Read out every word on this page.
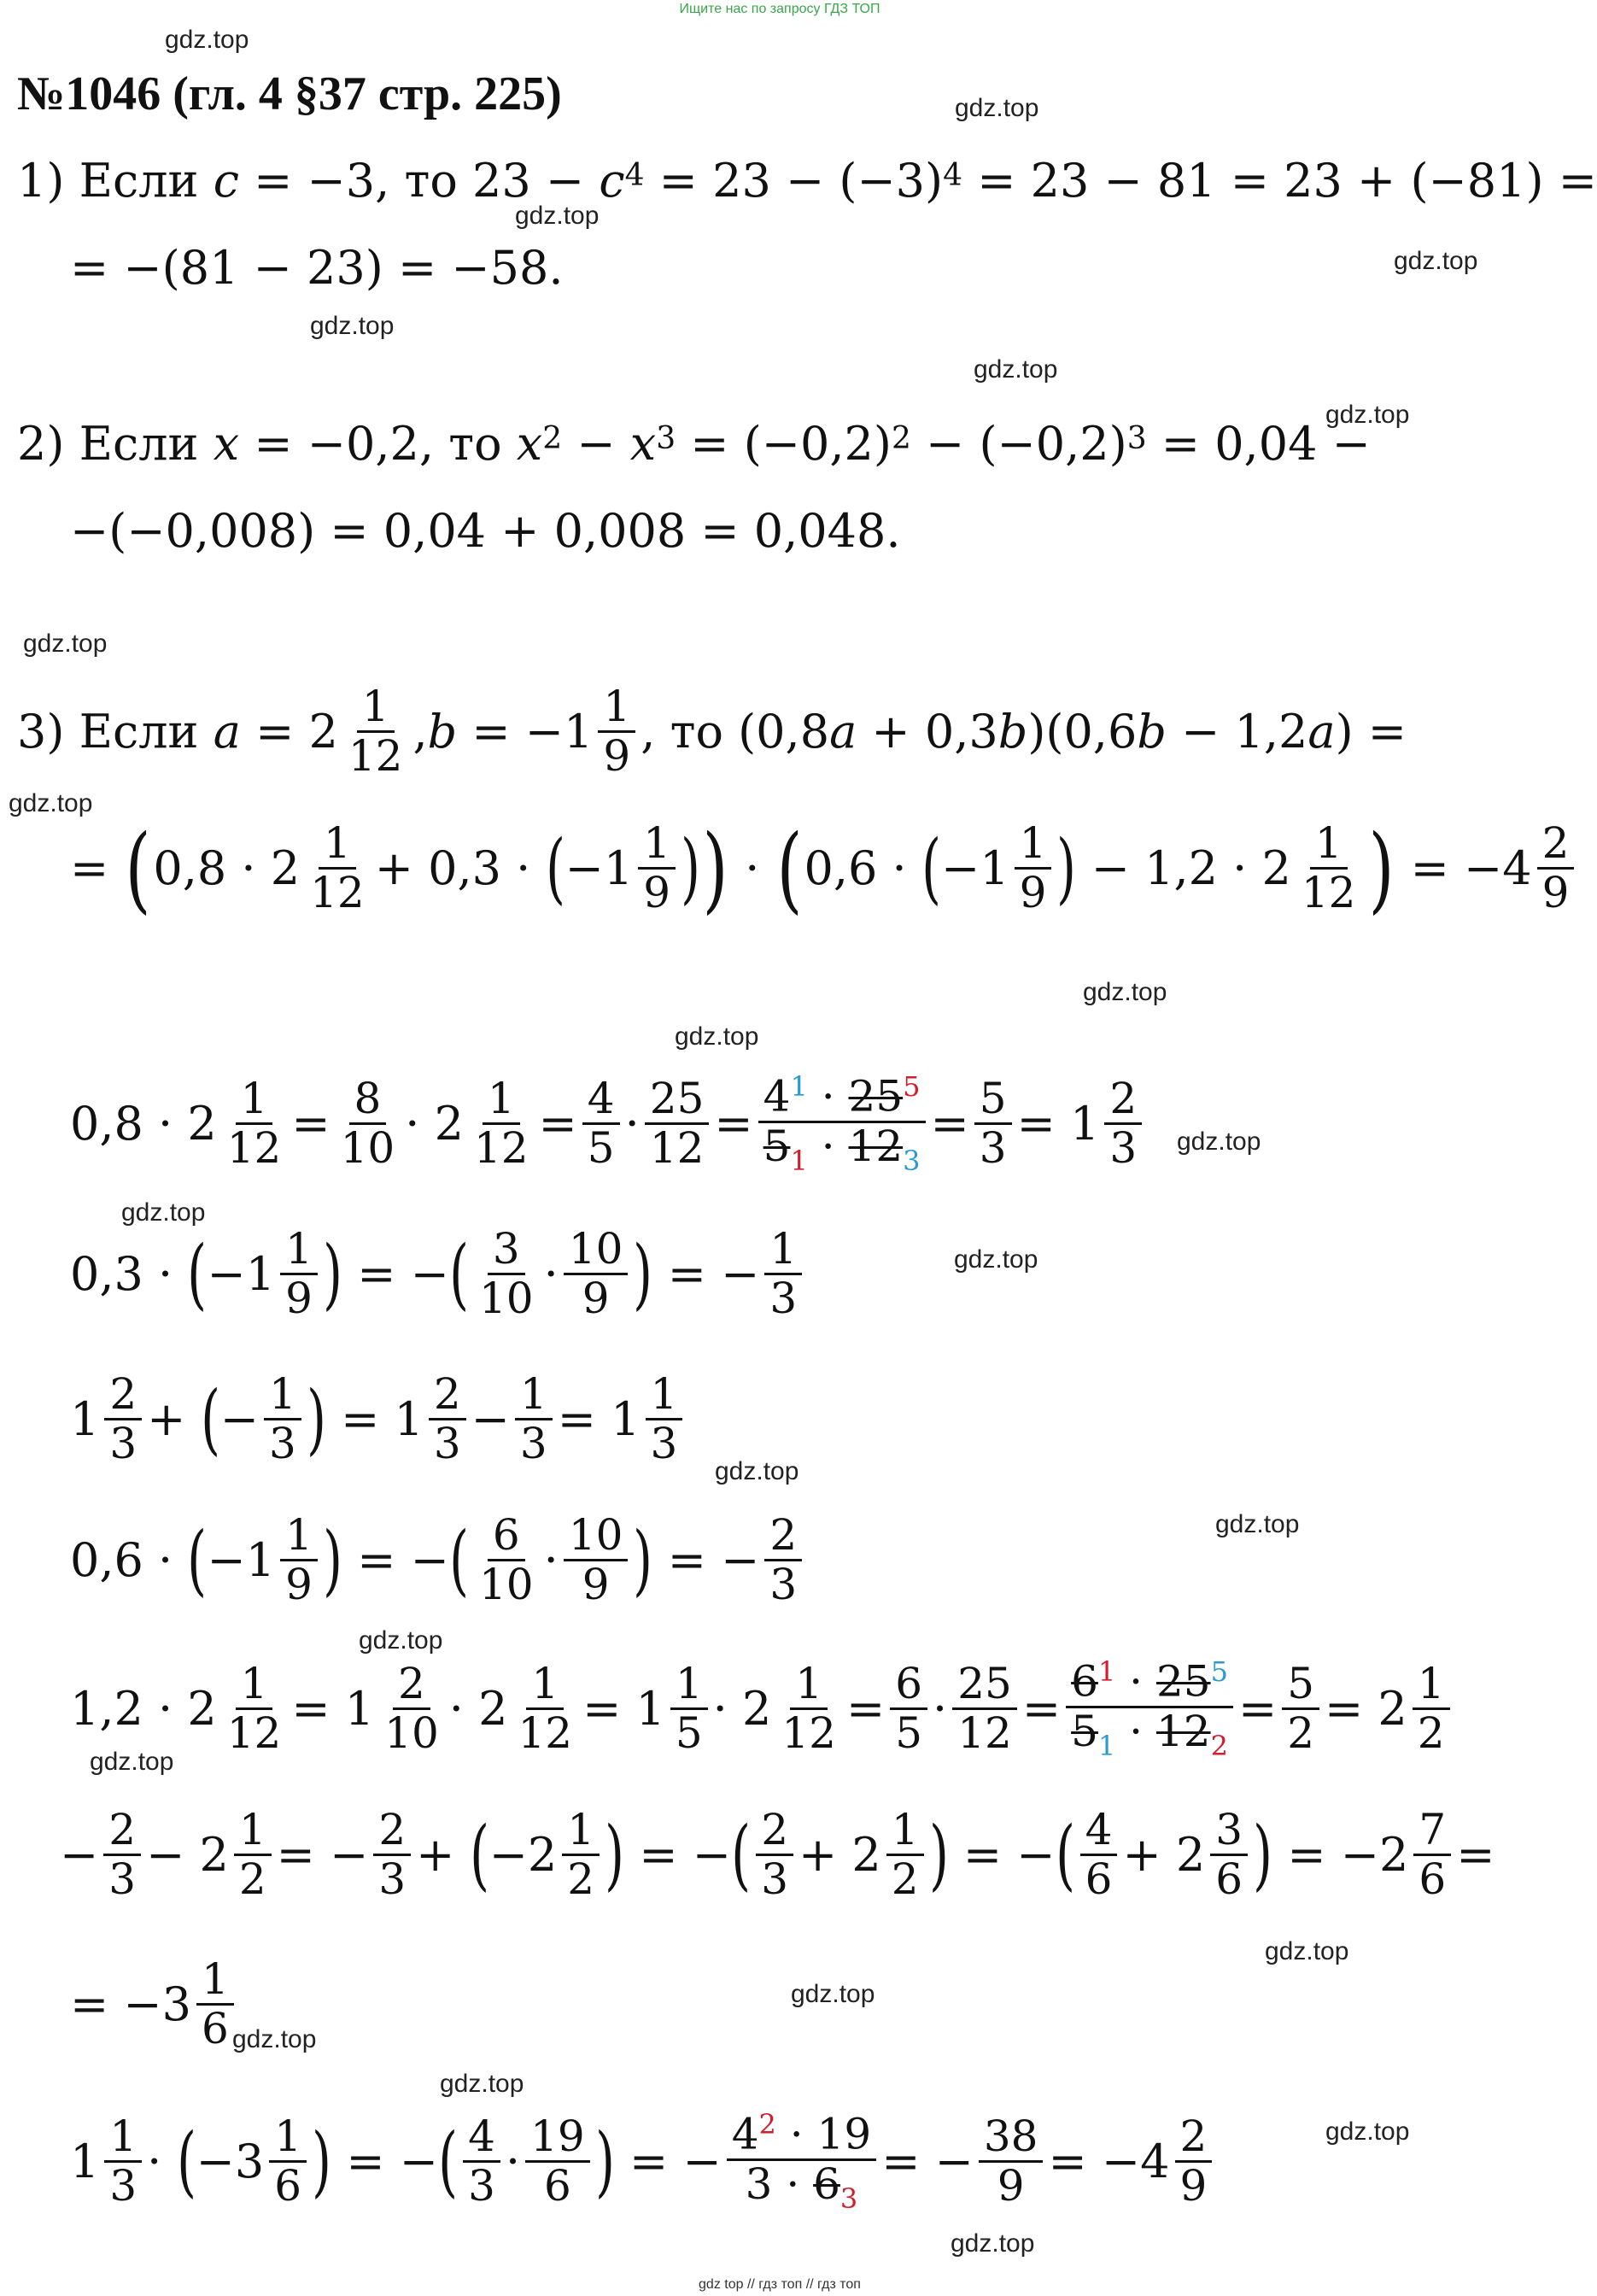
Ищите нас по запросу ГДЗ ТОП
№1046 (гл. 4 §37 стр. 225)
1) Если
c
= −3, то 23 −
$c^4$
= $23 - (-3)^4$
= 23 − 81 = 23 + (−81) =
= −(81 − 23) = −58.
2) Если
x
= −0,2, то
$x^2 - x^3$
= $(-0,2)^2$
− $(-0,2)^3$
= 0,04 −
−(−0,008) = 0,04 + 0,008 = 0,048.
3) Если
a = 2 1
12 , b = −1 1
9 , то (0,8a + 0,3b)(0,6b − 1,2a) =
= ( 0,8 · 2 1
12 + 0,3 · ( −1 1
9 ) ) · ( 0,6 · ( −1 1
9 ) − 1,2 · 2 1
12 ) = −4 2
9
0,8 · 2 1
12 = 8
10 · 2 1
12 = 4
5 · 25
12 =
$4^1 \cdot 25^5$
$5_1 \cdot 12_3$
= 5
3 = 1 2
3
0,3 · ( −1 1
9 ) = − ( 3
10 · 10
9 ) = − 1
3
1 2
3 + ( − 1
3 ) = 1 2
3 − 1
3 = 1 1
3
0,6 · ( −1 1
9 ) = − ( 6
10 · 10
9 ) = − 2
3
1,2 · 2 1
12 = 1 2
10 · 2 1
12 = 1 1
5 · 2 1
12 = 6
5 · 25
12 =
$6^1 \cdot 25^5$
$5_1 \cdot 12_2$
= 5
2 = 2 1
2
− 2
3 − 2 1
2 = − 2
3 + ( −2 1
2 ) = − ( 2
3 + 2 1
2 ) = − ( 4
6 + 2 3
6 ) = −2 7
6 =
= −3 1
6
1 1
3 · ( −3 1
6 ) = − ( 4
3 · 19
6 ) = −
$4^2 \cdot 19$
$3 \cdot 6_3$
= − 38
9 = −4 2
9
gdz.top
gdz.top
gdz.top
gdz.top
gdz.top
gdz.top
gdz.top
gdz.top
gdz.top
gdz.top
gdz.top
gdz.top
gdz.top
gdz.top
gdz.top
gdz.top
gdz.top
gdz.top
gdz.top
gdz.top
gdz.top
gdz.top
gdz.top
gdz.top
gdz top // гдз топ // гдз топ
